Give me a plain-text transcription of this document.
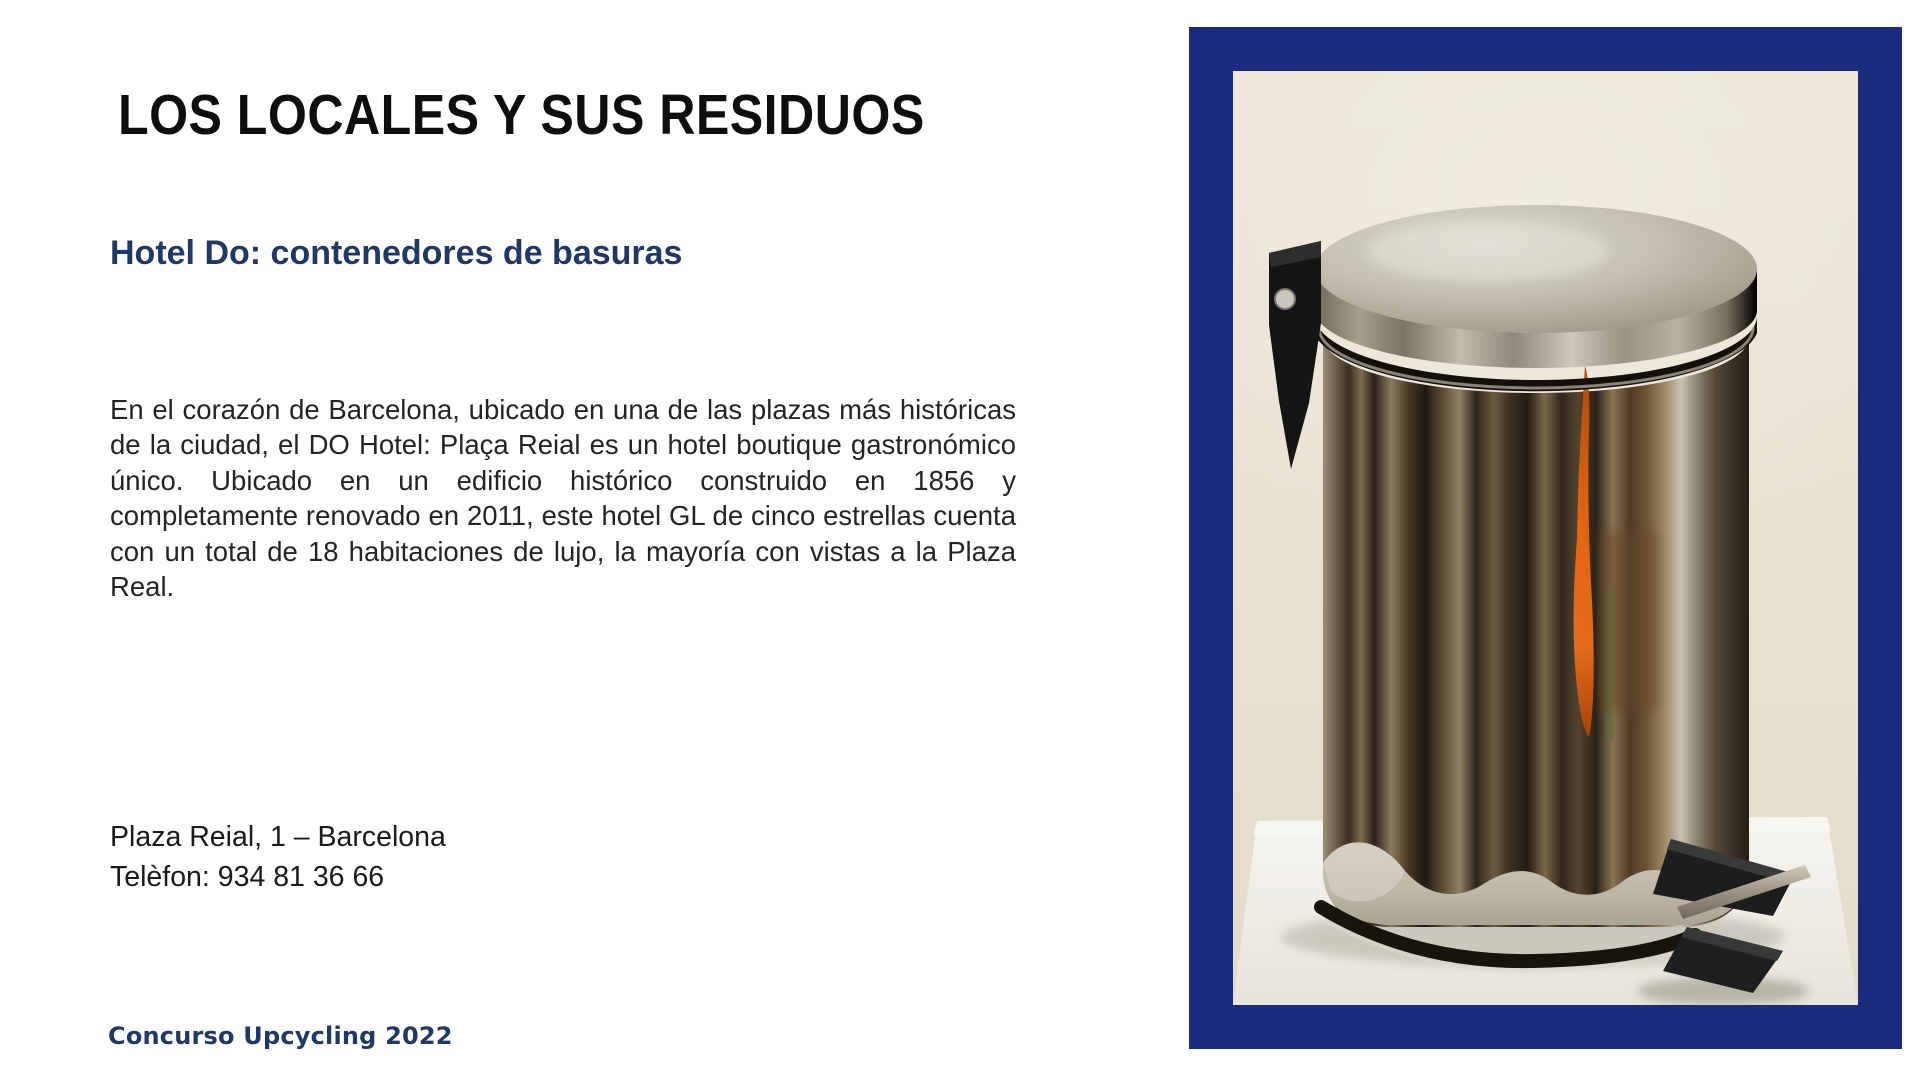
LOS LOCALES Y SUS RESIDUOS
Hotel Do: contenedores de basuras

En el corazón de Barcelona, ubicado en una de las plazas más históricas de la ciudad, el DO Hotel: Plaça Reial es un hotel boutique gastronómico único. Ubicado en un edificio histórico construido en 1856 y completamente renovado en 2011, este hotel GL de cinco estrellas cuenta con un total de 18 habitaciones de lujo, la mayoría con vistas a la Plaza Real.

Plaza Reial, 1 – Barcelona
Telèfon: 934 81 36 66
Concurso Upcycling 2022
